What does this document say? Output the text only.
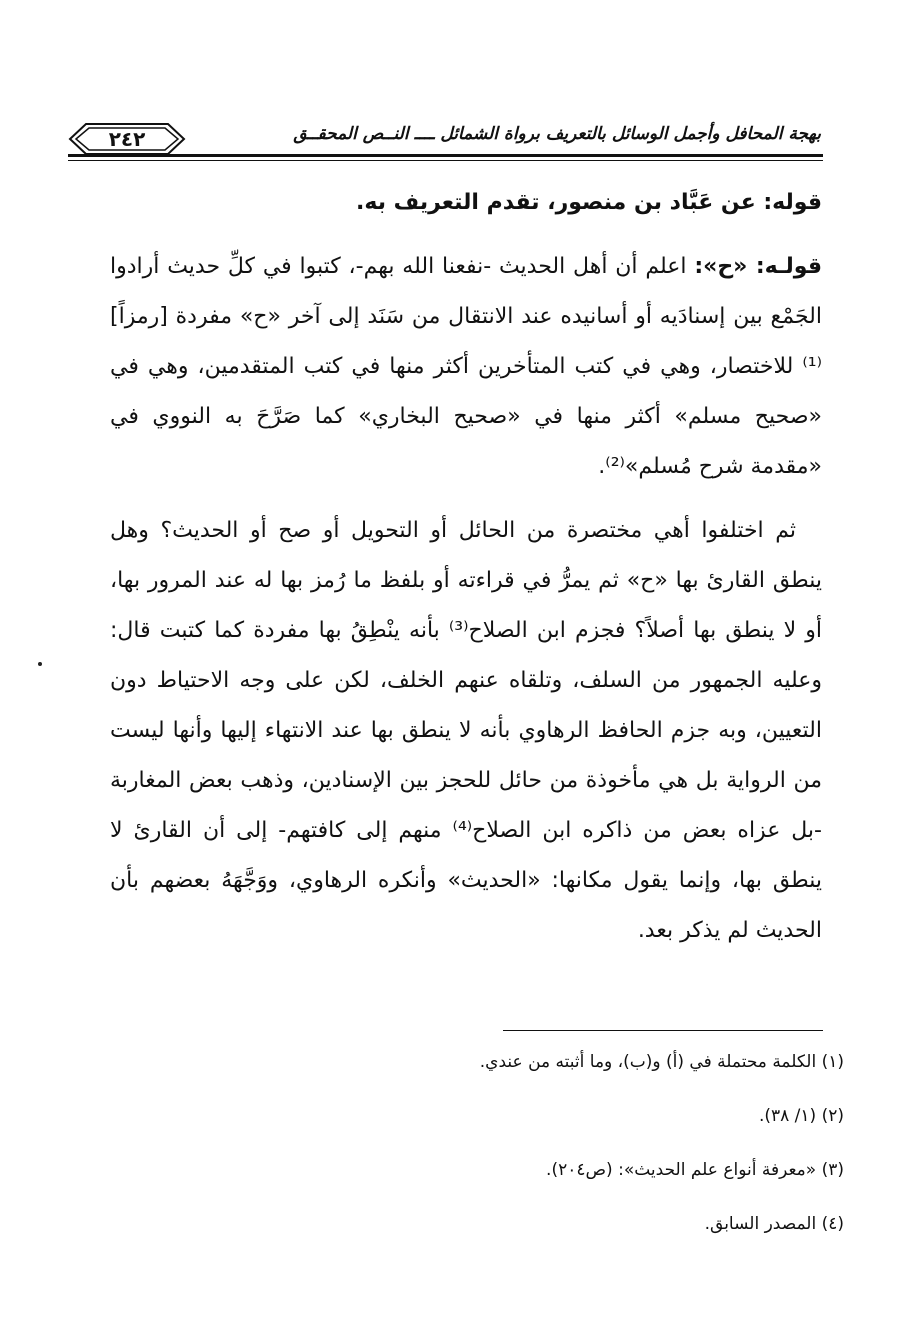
٢٤٢	بهجة المحافل وأجمل الوسائل بالتعريف برواة الشمائل ــــ النــص المحقــق

قوله: عن عَبَّاد بن منصور، تقدم التعريف به.

قولـه: «ح»: اعلم أن أهل الحديث -نفعنا الله بهم-، كتبوا في كلِّ حديث أرادوا الجَمْع بين إسنادَيه أو أسانيده عند الانتقال من سَنَد إلى آخر «ح» مفردة [رمزاً]⁽¹⁾ للاختصار، وهي في كتب المتأخرين أكثر منها في كتب المتقدمين، وهي في «صحيح مسلم» أكثر منها في «صحيح البخاري» كما صَرَّحَ به النووي في «مقدمة شرح مُسلم»⁽²⁾.

ثم اختلفوا أهي مختصرة من الحائل أو التحويل أو صح أو الحديث؟ وهل ينطق القارئ بها «ح» ثم يمرُّ في قراءته أو بلفظ ما رُمز بها له عند المرور بها، أو لا ينطق بها أصلاً؟ فجزم ابن الصلاح⁽³⁾ بأنه ينْطِقُ بها مفردة كما كتبت قال: وعليه الجمهور من السلف، وتلقاه عنهم الخلف، لكن على وجه الاحتياط دون التعيين، وبه جزم الحافظ الرهاوي بأنه لا ينطق بها عند الانتهاء إليها وأنها ليست من الرواية بل هي مأخوذة من حائل للحجز بين الإسنادين، وذهب بعض المغاربة -بل عزاه بعض من ذاكره ابن الصلاح⁽⁴⁾ منهم إلى كافتهم- إلى أن القارئ لا ينطق بها، وإنما يقول مكانها: «الحديث» وأنكره الرهاوي، ووَجَّهَهُ بعضهم بأن الحديث لم يذكر بعد.

(١) الكلمة محتملة في (أ) و(ب)، وما أثبته من عندي.

(٢) (١/ ٣٨).

(٣) «معرفة أنواع علم الحديث»: (ص٢٠٤).

(٤) المصدر السابق.
